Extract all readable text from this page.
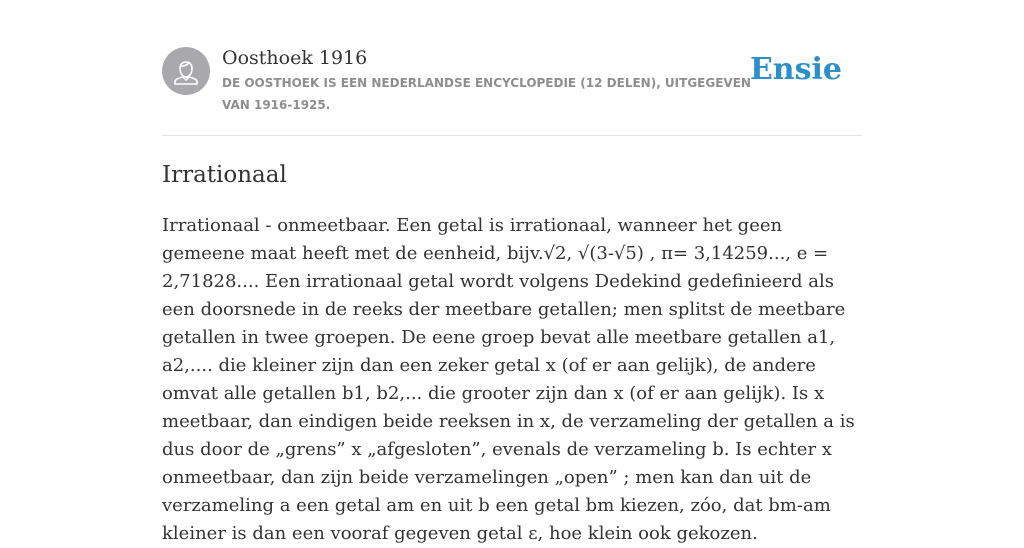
Oosthoek 1916
DE OOSTHOEK IS EEN NEDERLANDSE ENCYCLOPEDIE (12 DELEN), UITGEGEVEN VAN 1916-1925.
Ensie
Irrationaal

Irrationaal - onmeetbaar. Een getal is irrationaal, wanneer het geen gemeene maat heeft met de eenheid, bijv.√2, √(3-√5) , π= 3,14259..., e = 2,71828.... Een irrationaal getal wordt volgens Dedekind gedefinieerd als een doorsnede in de reeks der meetbare getallen; men splitst de meetbare getallen in twee groepen. De eene groep bevat alle meetbare getallen a1, a2,.... die kleiner zijn dan een zeker getal x (of er aan gelijk), de andere omvat alle getallen b1, b2,... die grooter zijn dan x (of er aan gelijk). Is x meetbaar, dan eindigen beide reeksen in x, de verzameling der getallen a is dus door de „grens” x „afgesloten”, evenals de verzameling b. Is echter x onmeetbaar, dan zijn beide verzamelingen „open” ; men kan dan uit de verzameling a een getal am en uit b een getal bm kiezen, zóo, dat bm-am kleiner is dan een vooraf gegeven getal ε, hoe klein ook gekozen.
